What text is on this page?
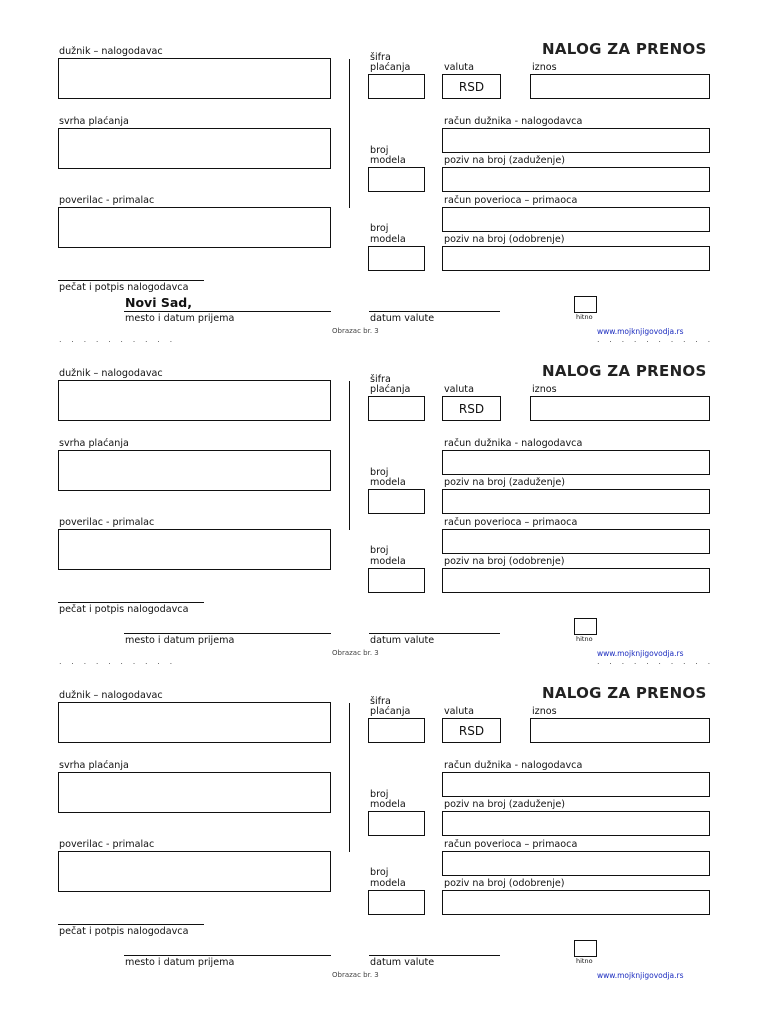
NALOG ZA PRENOS
dužnik – nalogodavac
svrha plaćanja
poverilac - primalac
šifra
plaćanja	valuta
RSD
iznos
račun dužnika - nalogodavca
broj
modela	poziv na broj (zaduženje)
račun poverioca – primaoca
broj
modela	poziv na broj (odobrenje)
pečat i potpis nalogodavca
Novi Sad,
mesto i datum prijema	datum valute	hitno
Obrazac br. 3	www.mojknjigovodja.rs
. . . . . . . . . .	. . . . . . . . . .
NALOG ZA PRENOS
dužnik – nalogodavac
svrha plaćanja
poverilac - primalac
šifra
plaćanja	valuta
RSD
iznos
račun dužnika - nalogodavca
broj
modela	poziv na broj (zaduženje)
račun poverioca – primaoca
broj
modela	poziv na broj (odobrenje)
pečat i potpis nalogodavca
mesto i datum prijema	datum valute	hitno
Obrazac br. 3	www.mojknjigovodja.rs
. . . . . . . . . .	. . . . . . . . . .
NALOG ZA PRENOS
dužnik – nalogodavac
svrha plaćanja
poverilac - primalac
šifra
plaćanja	valuta
RSD
iznos
račun dužnika - nalogodavca
broj
modela	poziv na broj (zaduženje)
račun poverioca – primaoca
broj
modela	poziv na broj (odobrenje)
pečat i potpis nalogodavca
mesto i datum prijema	datum valute	hitno
Obrazac br. 3	www.mojknjigovodja.rs
